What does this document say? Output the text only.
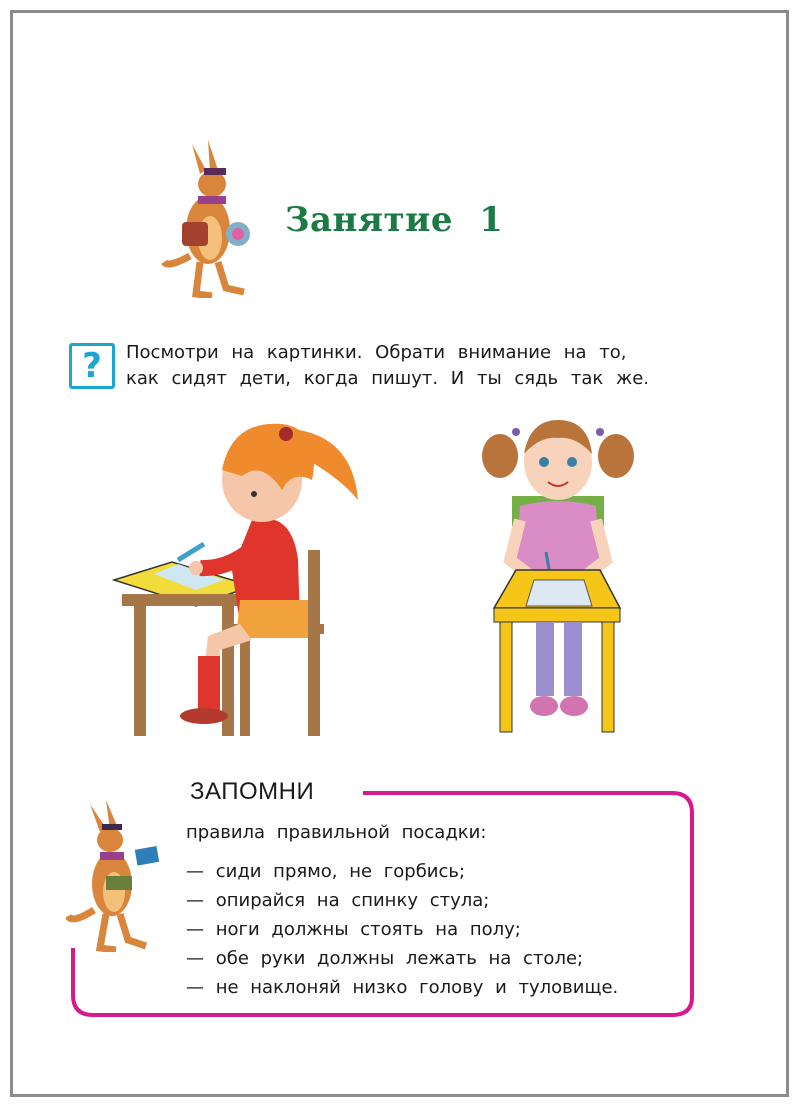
Занятие 1
?	Посмотри на картинки. Обрати внимание на то,

как сидят дети, когда пишут. И ты сядь так же.

ЗАПОМНИ
правила правильной посадки:
— сиди прямо, не горбись;
— опирайся на спинку стула;
— ноги должны стоять на полу;
— обе руки должны лежать на столе;
— не наклоняй низко голову и туловище.
